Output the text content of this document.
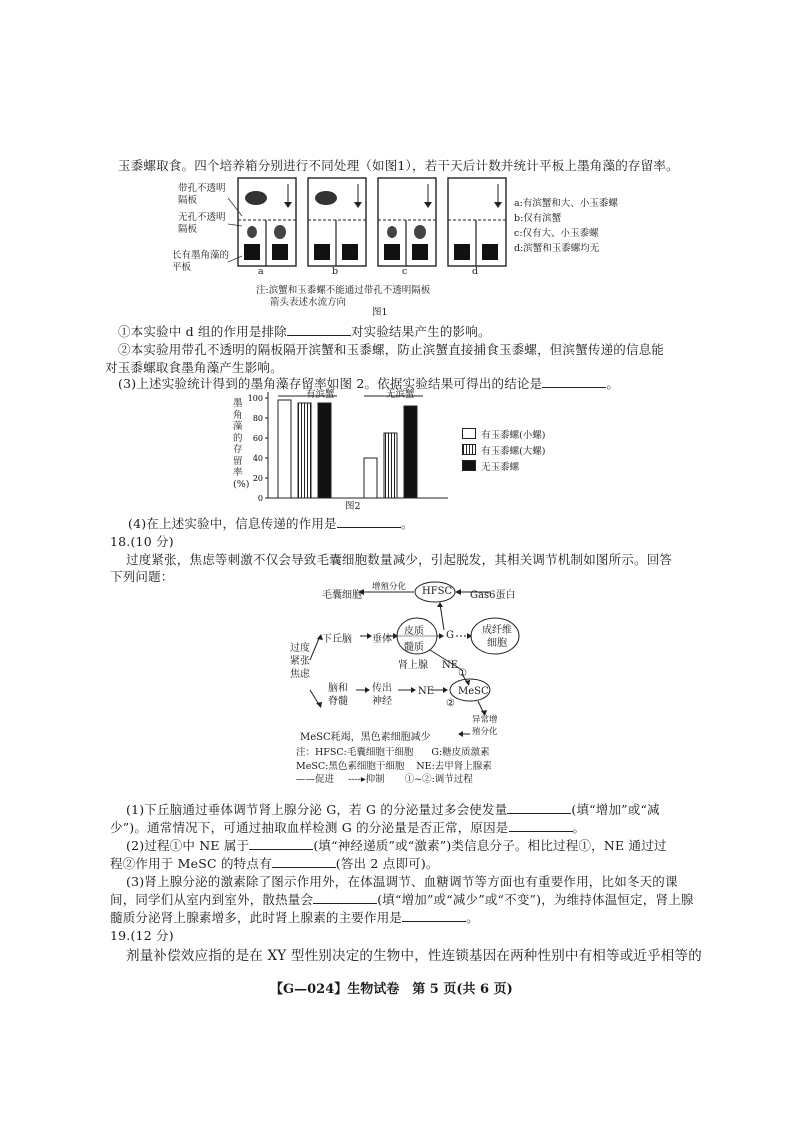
玉黍螺取食。四个培养箱分别进行不同处理（如图1），若干天后计数并统计平板上墨角藻的存留率。
带孔不透明隔板
无孔不透明隔板
长有墨角藻的平板	a	b	c	d
a:有滨蟹和大、小玉黍螺
b:仅有滨蟹
c:仅有大、小玉黍螺
d:滨蟹和玉黍螺均无
注:滨蟹和玉黍螺不能通过带孔不透明隔板
箭头表述水流方向
图1
①本实验中 d 组的作用是排除	对实验结果产生的影响。
②本实验用带孔不透明的隔板隔开滨蟹和玉黍螺，防止滨蟹直接捕食玉黍螺，但滨蟹传递的信息能
对玉黍螺取食墨角藻产生影响。
(3)上述实验统计得到的墨角藻存留率如图 2。依据实验结果可得出的结论是	。
墨角藻的存留率(%)
0
20
40
60
80
100	有滨蟹	无滨蟹
图2
有玉黍螺(小螺)
有玉黍螺(大螺)
无玉黍螺
(4)在上述实验中，信息传递的作用是	。
18.(10 分)
过度紧张，焦虑等刺激不仅会导致毛囊细胞数量减少，引起脱发，其相关调节机制如图所示。回答
下列问题：
毛囊细胞
增殖分化 HFSC Gas6蛋白
下丘脑 垂体
皮质
髓质
G	成纤维细胞
过度紧张焦虑
肾上腺 NE
①
脑和脊髓
传出神经
NE
②
MeSC
异常增殖分化
MeSC耗竭，黑色素细胞减少
注：HFSC:毛囊细胞干细胞 G:糖皮质激素
MeSC:黑色素细胞干细胞 NE:去甲肾上腺素
——促进 ----▸抑制 ①~②:调节过程
(1)下丘脑通过垂体调节肾上腺分泌 G，若 G 的分泌量过多会使发量	(填“增加”或“减
少”)。通常情况下，可通过抽取血样检测 G 的分泌量是否正常，原因是	。
(2)过程①中 NE 属于	(填“神经递质”或“激素”)类信息分子。相比过程①，NE 通过过
程②作用于 MeSC 的特点有	(答出 2 点即可)。
(3)肾上腺分泌的激素除了图示作用外，在体温调节、血糖调节等方面也有重要作用，比如冬天的课
间，同学们从室内到室外，散热量会	(填“增加”或“减少”或“不变”)，为维持体温恒定，肾上腺
髓质分泌肾上腺素增多，此时肾上腺素的主要作用是	。
19.(12 分)
剂量补偿效应指的是在 XY 型性别决定的生物中，性连锁基因在两种性别中有相等或近乎相等的
【G—024】生物试卷　第 5 页(共 6 页)
